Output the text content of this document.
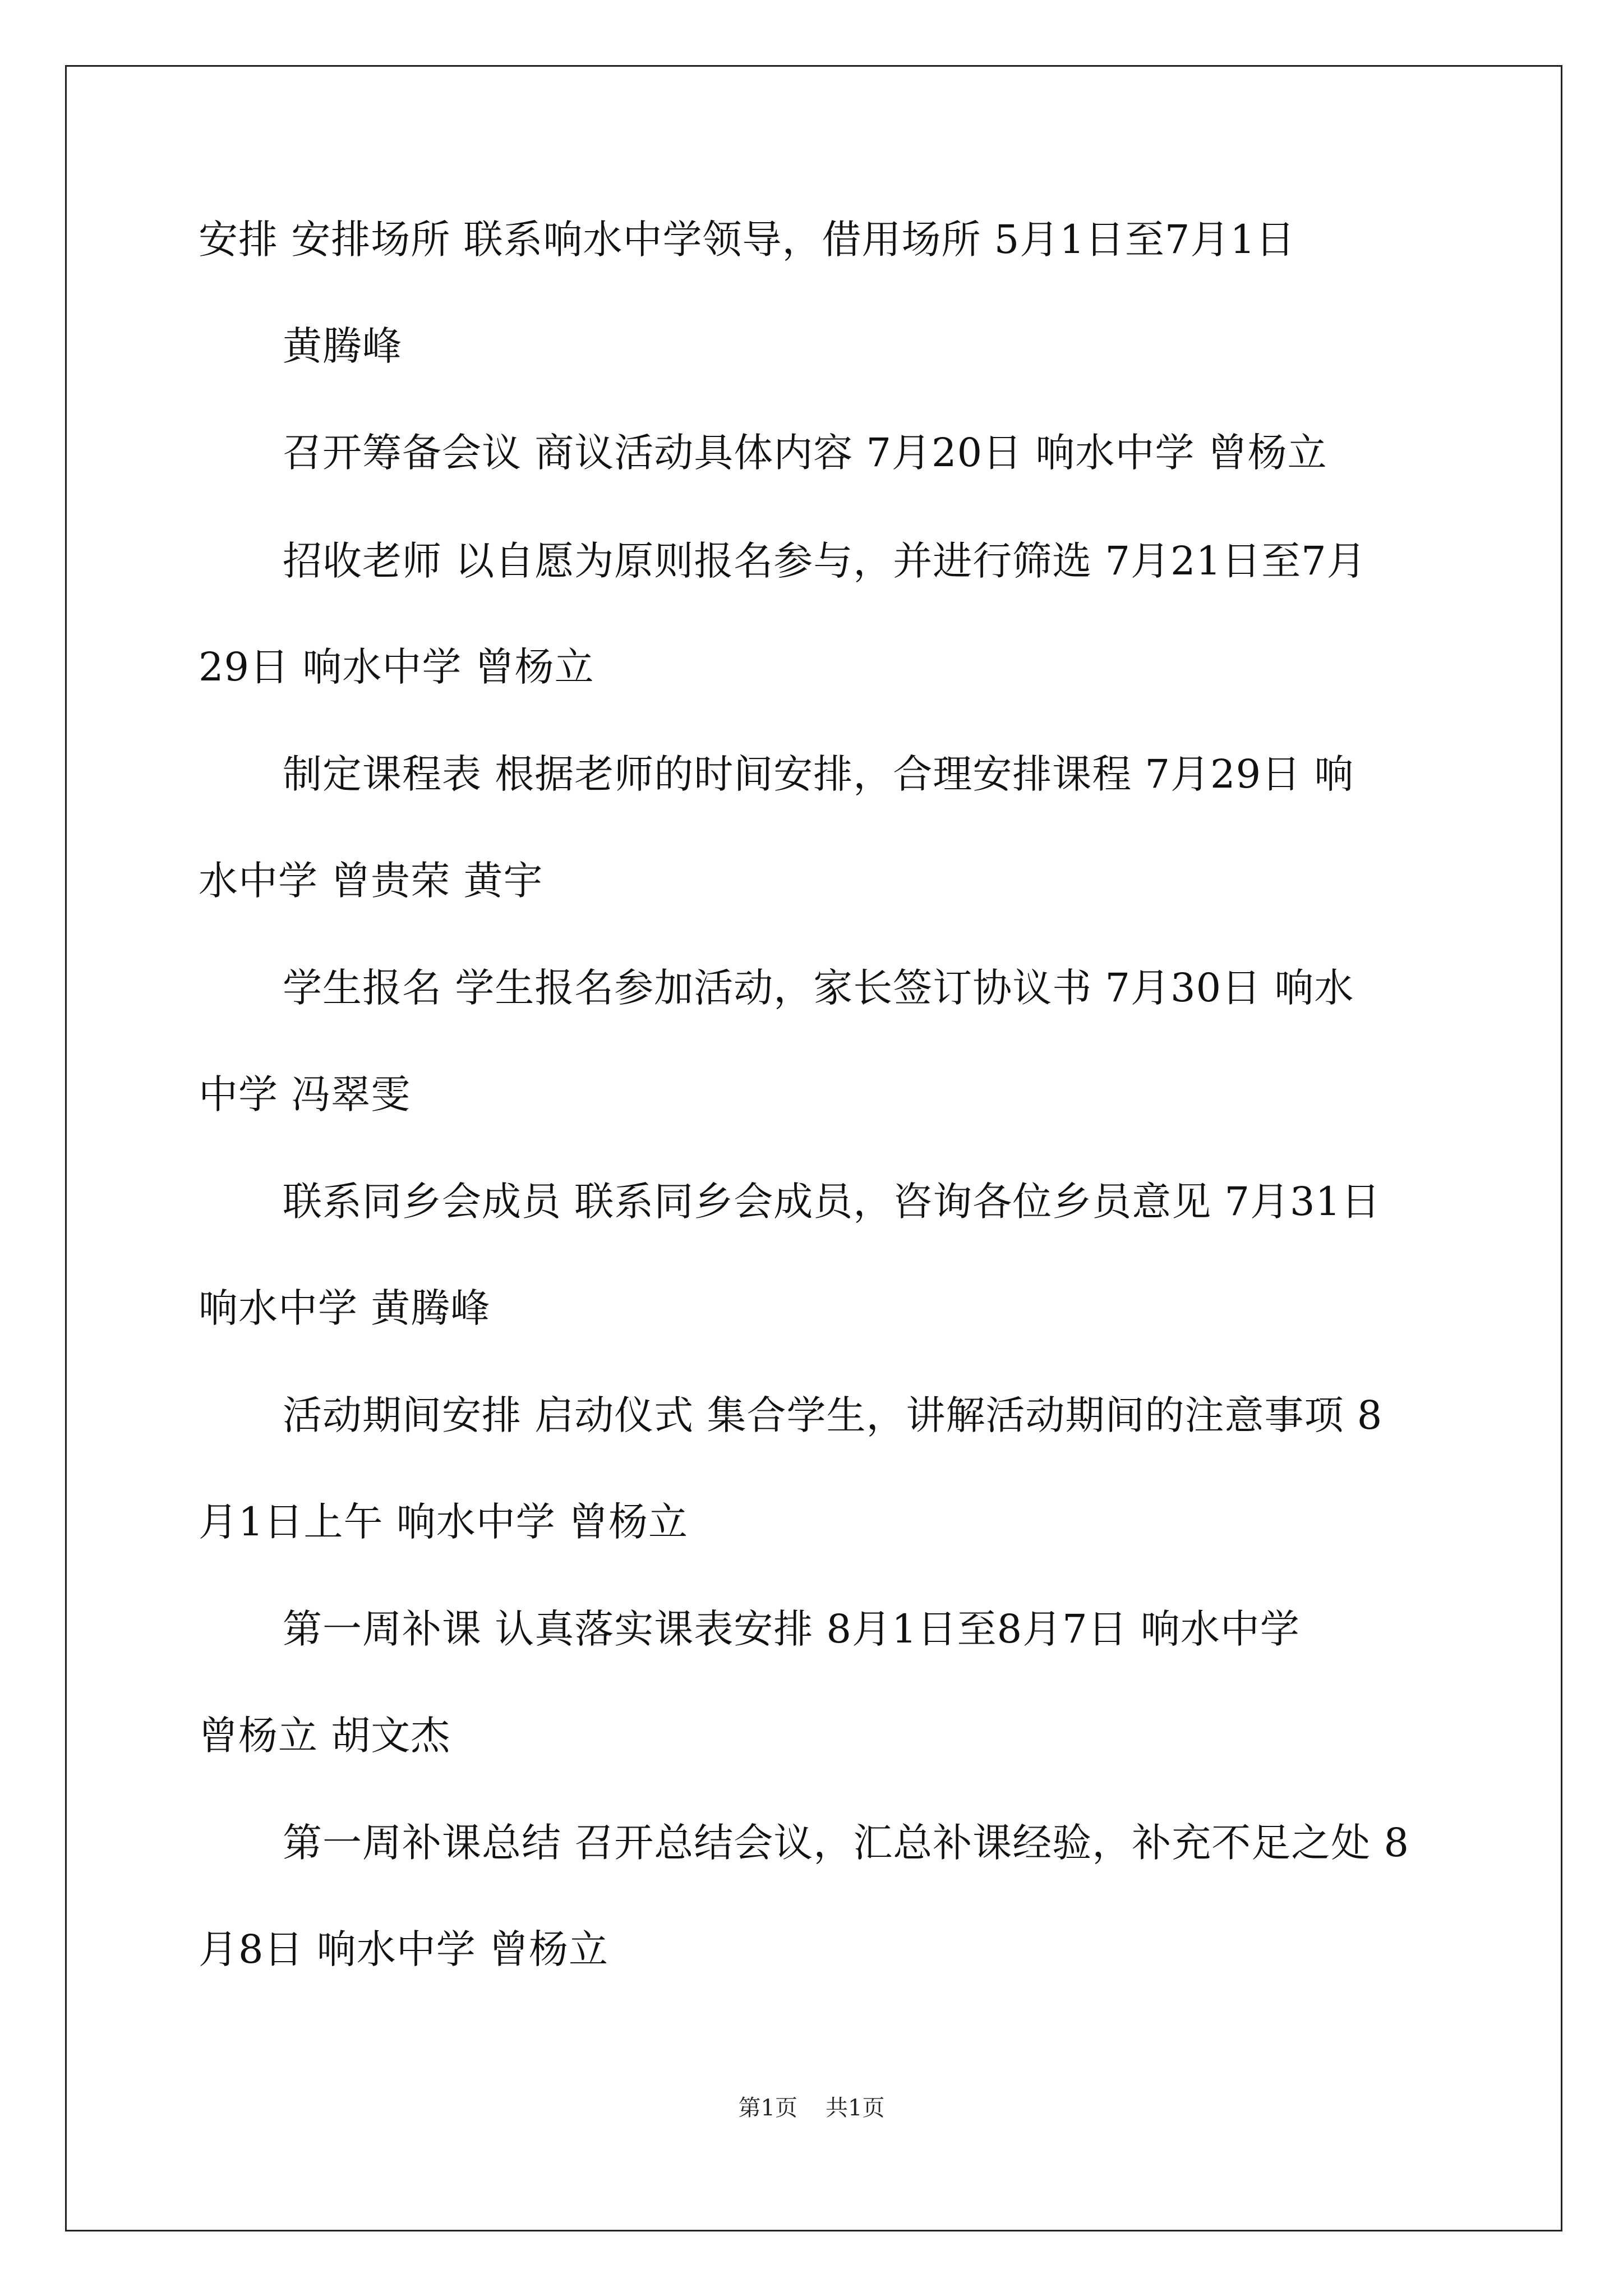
安排 安排场所 联系响水中学领导，借用场所 5月1日至7月1日
黄腾峰
召开筹备会议 商议活动具体内容 7月20日 响水中学 曾杨立
招收老师 以自愿为原则报名参与，并进行筛选 7月21日至7月
29日 响水中学 曾杨立
制定课程表 根据老师的时间安排，合理安排课程 7月29日 响
水中学 曾贵荣 黄宇
学生报名 学生报名参加活动，家长签订协议书 7月30日 响水
中学 冯翠雯
联系同乡会成员 联系同乡会成员，咨询各位乡员意见 7月31日
响水中学 黄腾峰
活动期间安排 启动仪式 集合学生，讲解活动期间的注意事项 8
月1日上午 响水中学 曾杨立
第一周补课 认真落实课表安排 8月1日至8月7日 响水中学
曾杨立 胡文杰
第一周补课总结 召开总结会议，汇总补课经验，补充不足之处 8
月8日 响水中学 曾杨立
第1页 共1页
